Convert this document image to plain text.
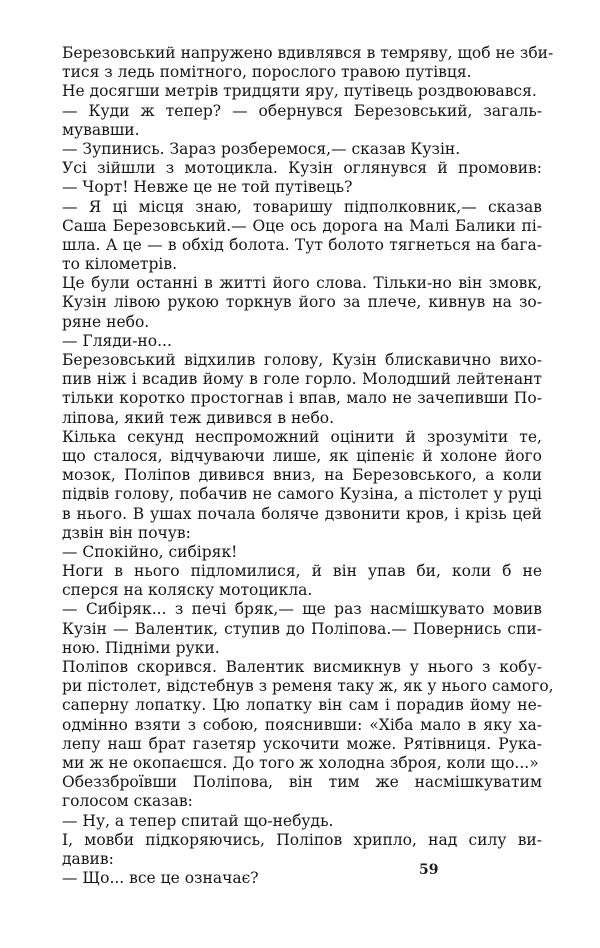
Березовський напружено вдивлявся в темряву, щоб не зби-
тися з ледь помітного, порослого травою путівця.
Не досягши метрів тридцяти яру, путівець роздвоювався.
— Куди ж тепер? — обернувся Березовський, загаль-
мувавши.
— Зупинись. Зараз розберемося,— сказав Кузін.
Усі зійшли з мотоцикла. Кузін оглянувся й промовив:
— Чорт! Невже це не той путівець?
— Я ці місця знаю, товаришу підполковник,— сказав
Саша Березовський.— Оце ось дорога на Малі Балики пі-
шла. А це — в обхід болота. Тут болото тягнеться на бага-
то кілометрів.
Це були останні в житті його слова. Тільки-но він змовк,
Кузін лівою рукою торкнув його за плече, кивнув на зо-
ряне небо.
— Гляди-но...
Березовський відхилив голову, Кузін блискавично вихо-
пив ніж і всадив йому в голе горло. Молодший лейтенант
тільки коротко простогнав і впав, мало не зачепивши По-
ліпова, який теж дивився в небо.
Кілька секунд неспроможний оцінити й зрозуміти те,
що сталося, відчуваючи лише, як ціпеніє й холоне його
мозок, Поліпов дивився вниз, на Березовського, а коли
підвів голову, побачив не самого Кузіна, а пістолет у руці
в нього. В ушах почала боляче дзвонити кров, і крізь цей
дзвін він почув:
— Спокійно, сибіряк!
Ноги в нього підломилися, й він упав би, коли б не
сперся на коляску мотоцикла.
— Сибіряк... з печі бряк,— ще раз насмішкувато мовив
Кузін — Валентик, ступив до Поліпова.— Повернись спи-
ною. Підніми руки.
Поліпов скорився. Валентик висмикнув у нього з кобу-
ри пістолет, відстебнув з ременя таку ж, як у нього самого,
саперну лопатку. Цю лопатку він сам і порадив йому не-
одмінно взяти з собою, пояснивши: «Хіба мало в яку ха-
лепу наш брат газетяр ускочити може. Рятівниця. Рука-
ми ж не окопаєшся. До того ж холодна зброя, коли що...»
Обеззброївши Поліпова, він тим же насмішкуватим
голосом сказав:
— Ну, а тепер спитай що-небудь.
І, мовби підкоряючись, Поліпов хрипло, над силу ви-
давив:
— Що... все це означає?	59
